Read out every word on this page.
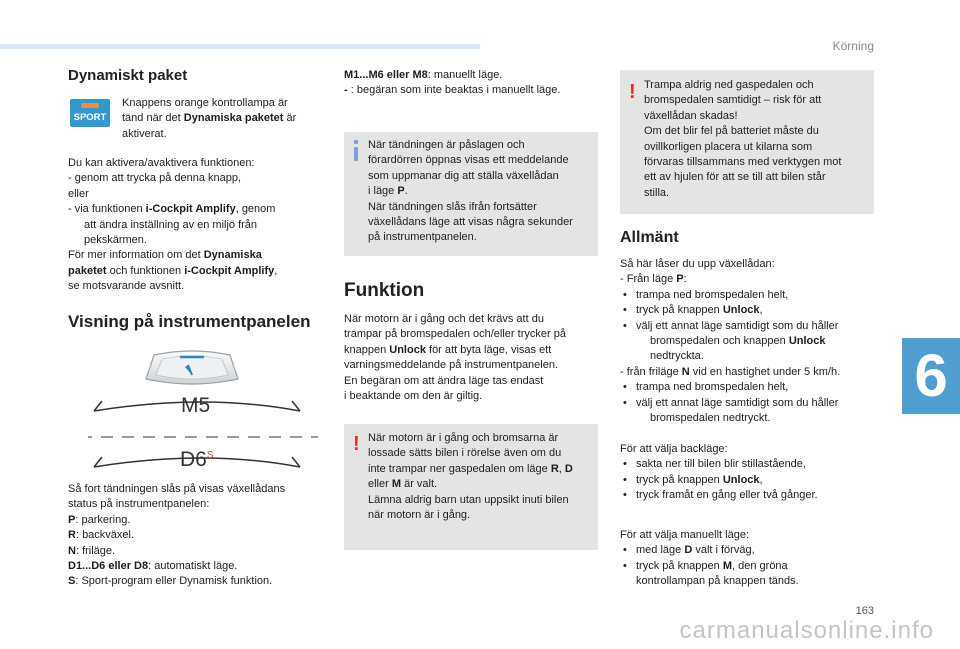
Körning
6
163
carmanualsonline.info
Dynamiskt paket
SPORT

Knappens orange kontrollampa är

tänd när det Dynamiska paketet är

aktiverat.

Du kan aktivera/avaktivera funktionen:

- genom att trycka på denna knapp,

eller

- via funktionen i-Cockpit Amplify, genom

att ändra inställning av en miljö från

pekskärmen.

För mer information om det Dynamiska

paketet och funktionen i-Cockpit Amplify,

se motsvarande avsnitt.

Visning på instrumentpanelen
M5
$D6^S$

Så fort tändningen slås på visas växellådans

status på instrumentpanelen:

P: parkering.

R: backväxel.

N: friläge.

D1...D6 eller D8: automatiskt läge.

S: Sport-program eller Dynamisk funktion.

M1...M6 eller M8: manuellt läge.

- : begäran som inte beaktas i manuellt läge.

När tändningen är påslagen och

förardörren öppnas visas ett meddelande

som uppmanar dig att ställa växellådan

i läge P.

När tändningen slås ifrån fortsätter

växellådans läge att visas några sekunder

på instrumentpanelen.

Funktion

När motorn är i gång och det krävs att du

trampar på bromspedalen och/eller trycker på

knappen Unlock för att byta läge, visas ett

varningsmeddelande på instrumentpanelen.

En begäran om att ändra läge tas endast

i beaktande om den är giltig.

! När motorn är i gång och bromsarna är

lossade sätts bilen i rörelse även om du

inte trampar ner gaspedalen om läge R, D

eller M är valt.

Lämna aldrig barn utan uppsikt inuti bilen

när motorn är i gång.

! Trampa aldrig ned gaspedalen och

bromspedalen samtidigt – risk för att

växellådan skadas!

Om det blir fel på batteriet måste du

ovillkorligen placera ut kilarna som

förvaras tillsammans med verktygen mot

ett av hjulen för att se till att bilen står

stilla.

Allmänt

Så här låser du upp växellådan:

- Från läge P:

• trampa ned bromspedalen helt,

• tryck på knappen Unlock,

• välj ett annat läge samtidigt som du håller

bromspedalen och knappen Unlock

nedtryckta.

- från friläge N vid en hastighet under 5 km/h.

• trampa ned bromspedalen helt,

• välj ett annat läge samtidigt som du håller

bromspedalen nedtryckt.

För att välja backläge:

• sakta ner till bilen blir stillastående,

• tryck på knappen Unlock,

• tryck framåt en gång eller två gånger.

För att välja manuellt läge:

• med läge D valt i förväg,

• tryck på knappen M, den gröna

kontrollampan på knappen tänds.
